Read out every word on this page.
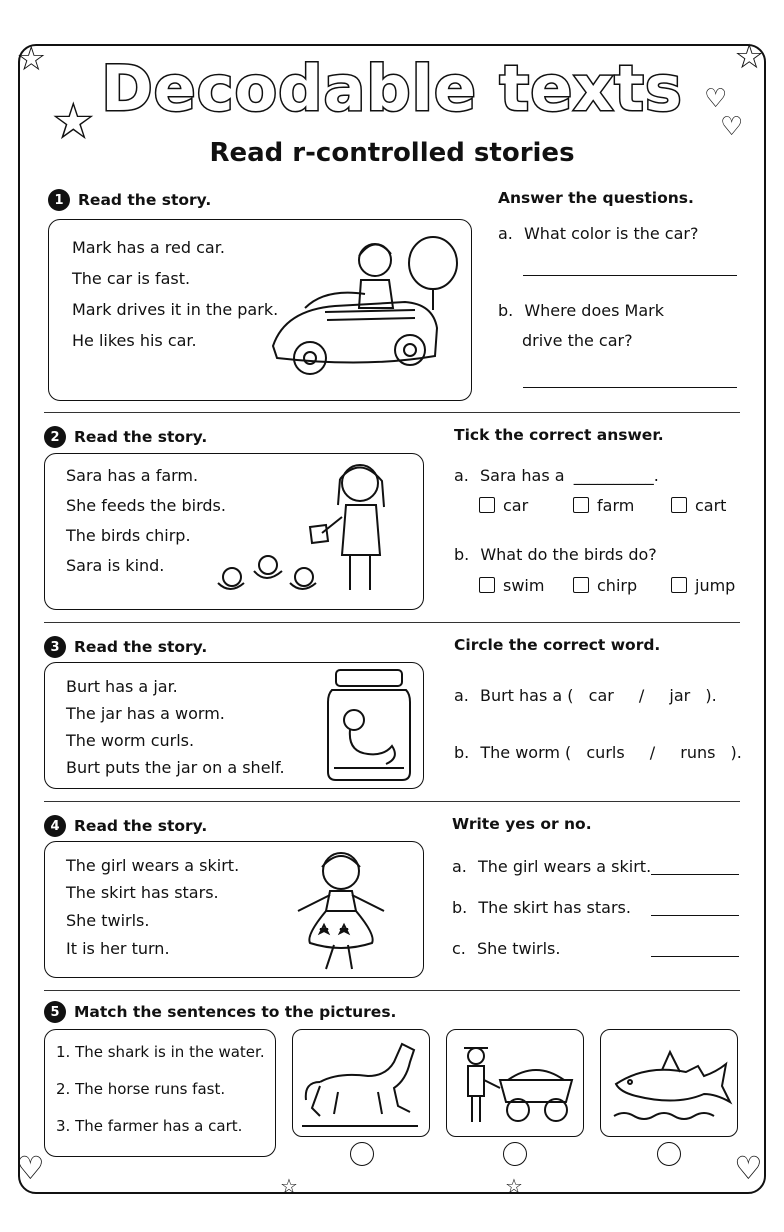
☆	☆
♡	♡
☆	☆
☆	♡
♡
Decodable texts
Read r-controlled stories
1 Read the story.
Mark has a red car.
The car is fast.
Mark drives it in the park.
He likes his car.
Answer the questions.
a. What color is the car?
b. Where does Mark
drive the car?
2 Read the story.
Sara has a farm.
She feeds the birds.
The birds chirp.
Sara is kind.
Tick the correct answer.
a. Sara has a __________.
car	farm	cart
b. What do the birds do?
swim	chirp	jump
3 Read the story.
Burt has a jar.
The jar has a worm.
The worm curls.
Burt puts the jar on a shelf.
Circle the correct word.
a. Burt has a ( car / jar ).
b. The worm ( curls / runs ).
4 Read the story.
The girl wears a skirt.
The skirt has stars.
She twirls.
It is her turn.
Write yes or no.
a. The girl wears a skirt.
b. The skirt has stars.
c. She twirls.
5 Match the sentences to the pictures.
1. The shark is in the water.
2. The horse runs fast.
3. The farmer has a cart.
